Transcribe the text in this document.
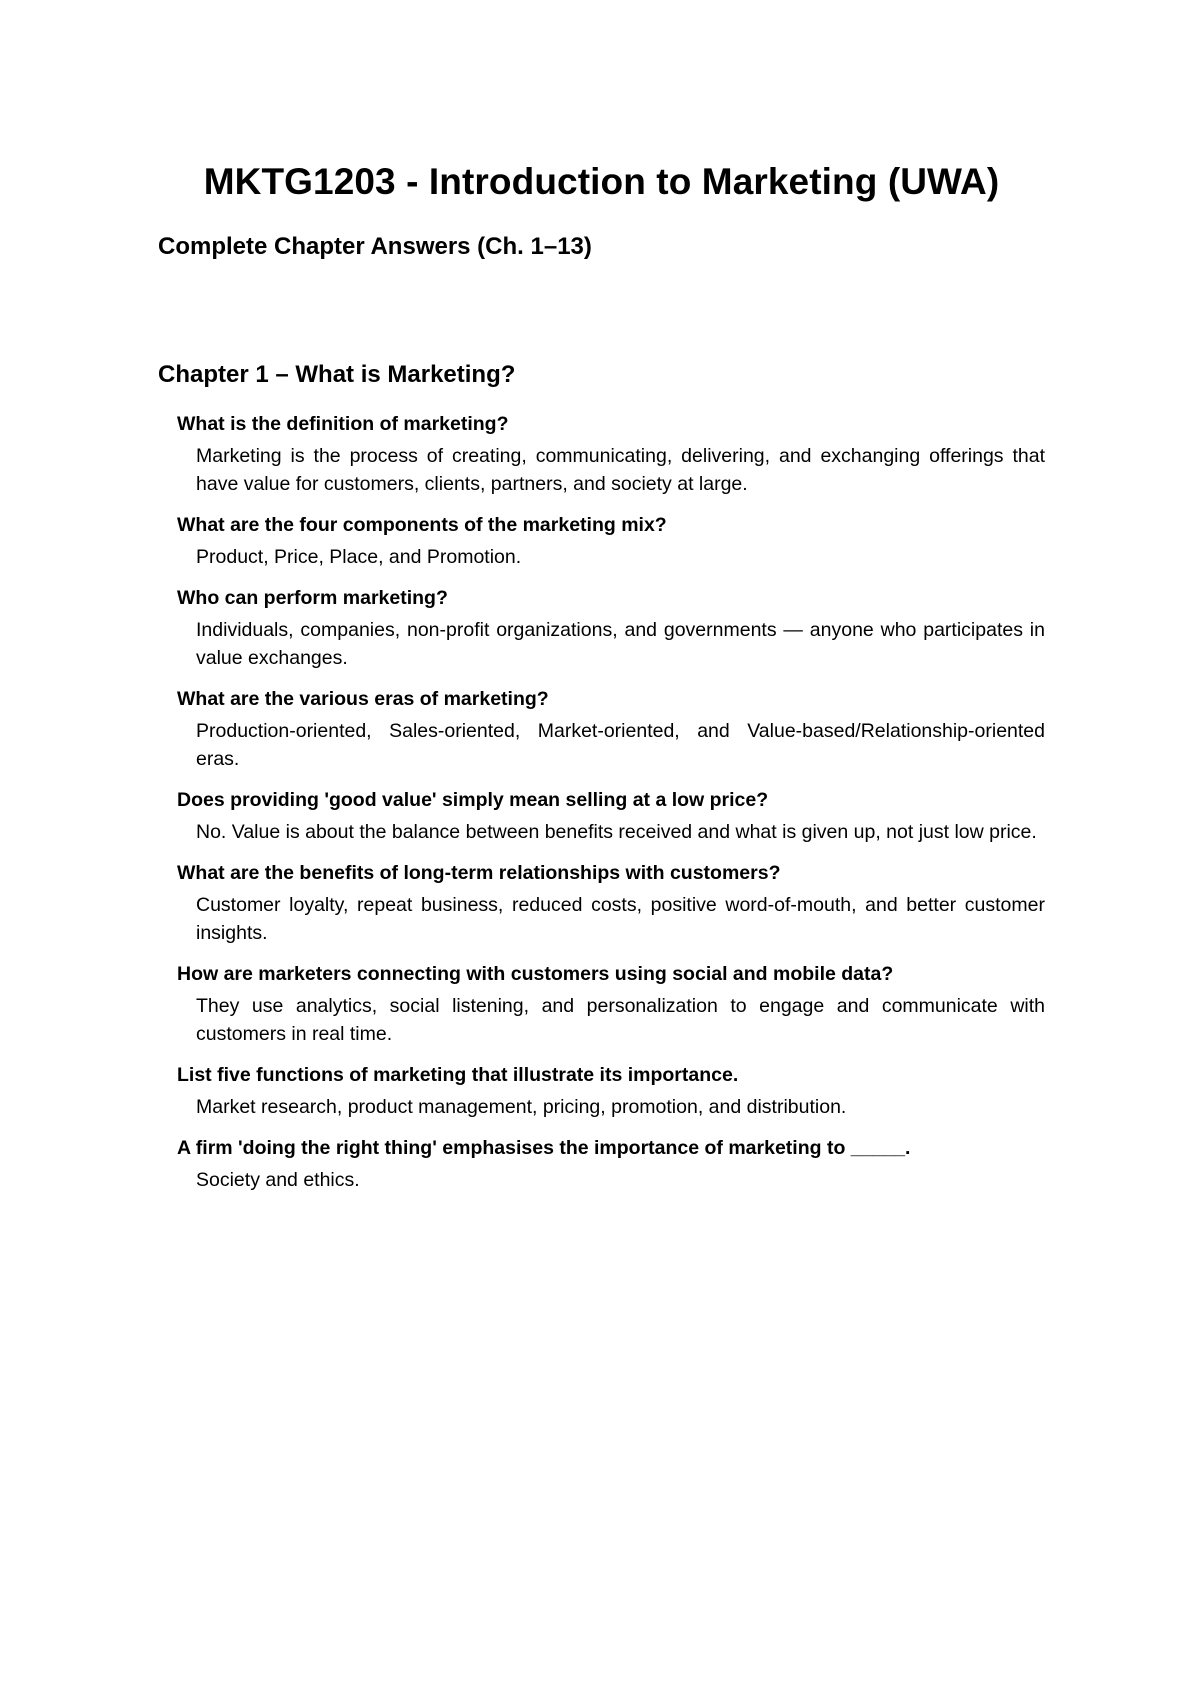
MKTG1203 - Introduction to Marketing (UWA)
Complete Chapter Answers (Ch. 1–13)
Chapter 1 – What is Marketing?

What is the definition of marketing?

Marketing is the process of creating, communicating, delivering, and exchanging offerings that have value for customers, clients, partners, and society at large.

What are the four components of the marketing mix?

Product, Price, Place, and Promotion.

Who can perform marketing?

Individuals, companies, non-profit organizations, and governments — anyone who participates in value exchanges.

What are the various eras of marketing?

Production-oriented, Sales-oriented, Market-oriented, and Value-based/Relationship-oriented eras.

Does providing 'good value' simply mean selling at a low price?

No. Value is about the balance between benefits received and what is given up, not just low price.

What are the benefits of long-term relationships with customers?

Customer loyalty, repeat business, reduced costs, positive word-of-mouth, and better customer insights.

How are marketers connecting with customers using social and mobile data?

They use analytics, social listening, and personalization to engage and communicate with customers in real time.

List five functions of marketing that illustrate its importance.

Market research, product management, pricing, promotion, and distribution.

A firm 'doing the right thing' emphasises the importance of marketing to _____.

Society and ethics.
